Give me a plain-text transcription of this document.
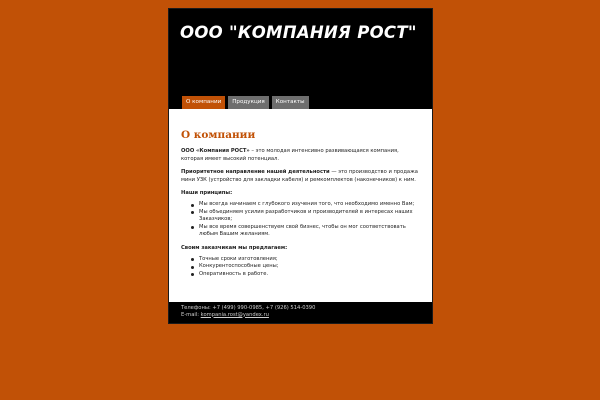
ООО "КОМПАНИЯ РОСТ"
О компании	Продукция	Контакты
О компании

ООО «Компания РОСТ» – это молодая интенсивно развивающаяся компания, которая имеет высокий потенциал.

Приоритетное направление нашей деятельности — это производство и продажа мини УЗК (устройство для закладки кабеля) и ремкомплектов (наконечников) к ним.

Наши принципы:
Мы всегда начинаем с глубокого изучения того, что необходимо именно Вам;
Мы объединяем усилия разработчиков и производителей в интересах наших Заказчиков;
Мы все время совершенствуем свой бизнес, чтобы он мог соответствовать любым Вашим желаниям.
Своим заказчикам мы предлагаем:
Точные сроки изготовления;
Конкурентоспособные цены;
Оперативность в работе.
Телефоны: +7 (499) 990-0985, +7 (926) 514-0390
E-mail: kompania.rost@yandex.ru
